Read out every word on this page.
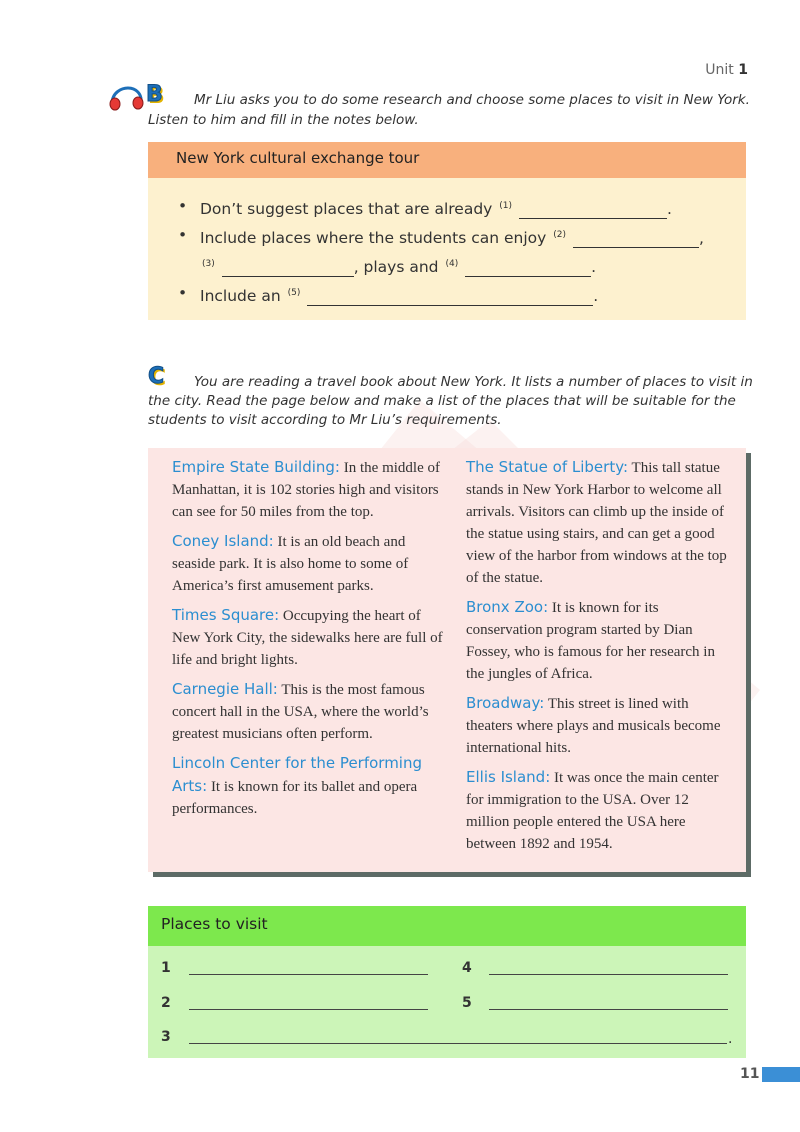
Unit 1
B Mr Liu asks you to do some research and choose some places to visit in New York.
Listen to him and fill in the notes below.
New York cultural exchange tour
• Don’t suggest places that are already $^{(1)}$	.
• Include places where the students can enjoy $^{(2)}$	,
$^{(3)}$	, plays and $^{(4)}$	.
• Include an $^{(5)}$	.
C You are reading a travel book about New York. It lists a number of places to visit in
the city. Read the page below and make a list of the places that will be suitable for the
students to visit according to Mr Liu’s requirements.

Empire State Building: In the middle of Manhattan, it is 102 stories high and visitors can see for 50 miles from the top.

Coney Island: It is an old beach and seaside park. It is also home to some of America’s first amusement parks.

Times Square: Occupying the heart of New York City, the sidewalks here are full of life and bright lights.

Carnegie Hall: This is the most famous concert hall in the USA, where the world’s greatest musicians often perform.

Lincoln Center for the Performing Arts: It is known for its ballet and opera performances.

The Statue of Liberty: This tall statue stands in New York Harbor to welcome all arrivals. Visitors can climb up the inside of the statue using stairs, and can get a good view of the harbor from windows at the top of the statue.

Bronx Zoo: It is known for its conservation program started by Dian Fossey, who is famous for her research in the jungles of Africa.

Broadway: This street is lined with theaters where plays and musicals become international hits.

Ellis Island: It was once the main center for immigration to the USA. Over 12 million people entered the USA here between 1892 and 1954.

Places to visit
1	4
2	5
3	.
11
